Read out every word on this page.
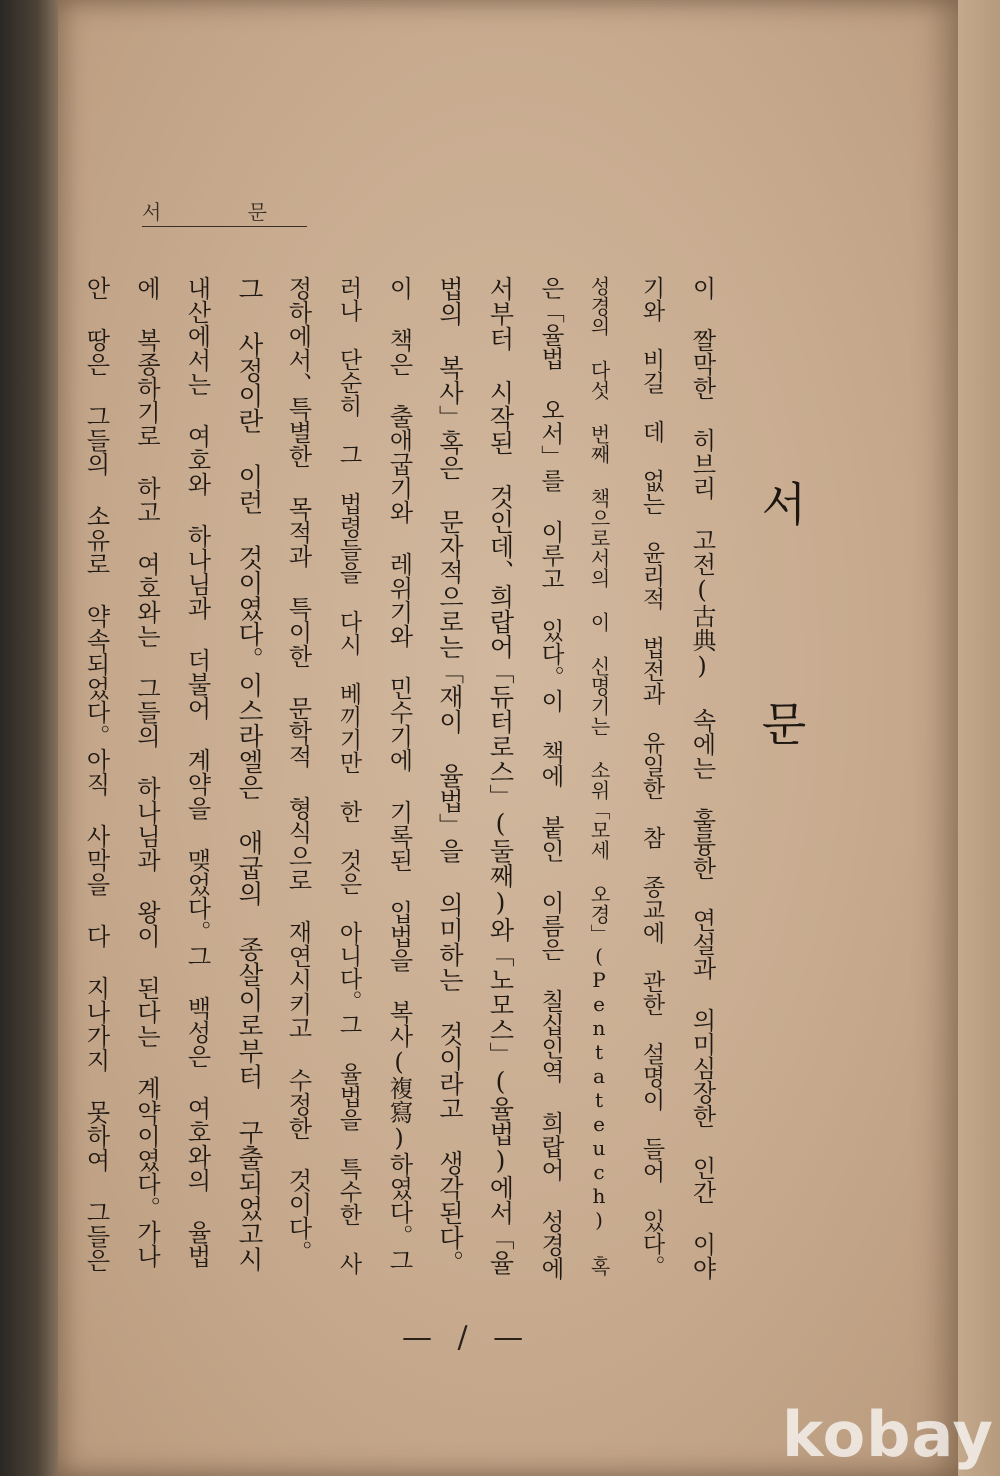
서 문
서 문
이 짤막한 히브리 고전(古典) 속에는 훌륭한 연설과 의미심장한 인간 이야
기와 비길 데 없는 윤리적 법전과 유일한 참 종교에 관한 설명이 들어 있다。
성경의 다섯 번째 책으로서의 이 신명기는 소위「모세 오경」(Pentateuch) 혹
은「율법 오서」를 이루고 있다。이 책에 붙인 이름은 칠십인역 희랍어 성경에
서부터 시작된 것인데、희랍어「듀터로스」(둘째)와「노모스」(율법)에서「율
법의 복사」혹은 문자적으로는「재이 율법」을 의미하는 것이라고 생각된다。
이 책은 출애굽기와 레위기와 민수기에 기록된 입법을 복사(複寫)하였다。그
러나 단순히 그 법령들을 다시 베끼기만 한 것은 아니다。그 율법을 특수한 사
정하에서、특별한 목적과 특이한 문학적 형식으로 재연시키고 수정한 것이다。
그 사정이란 이런 것이였다。이스라엘은 애굽의 종살이로부터 구출되었고시
내산에서는 여호와 하나님과 더불어 계약을 맺었다。그 백성은 여호와의 율법
에 복종하기로 하고 여호와는 그들의 하나님과 왕이 된다는 계약이였다。가나
안 땅은 그들의 소유로 약속되었다。아직 사막을 다 지나가지 못하여 그들은
— / —
kobay
